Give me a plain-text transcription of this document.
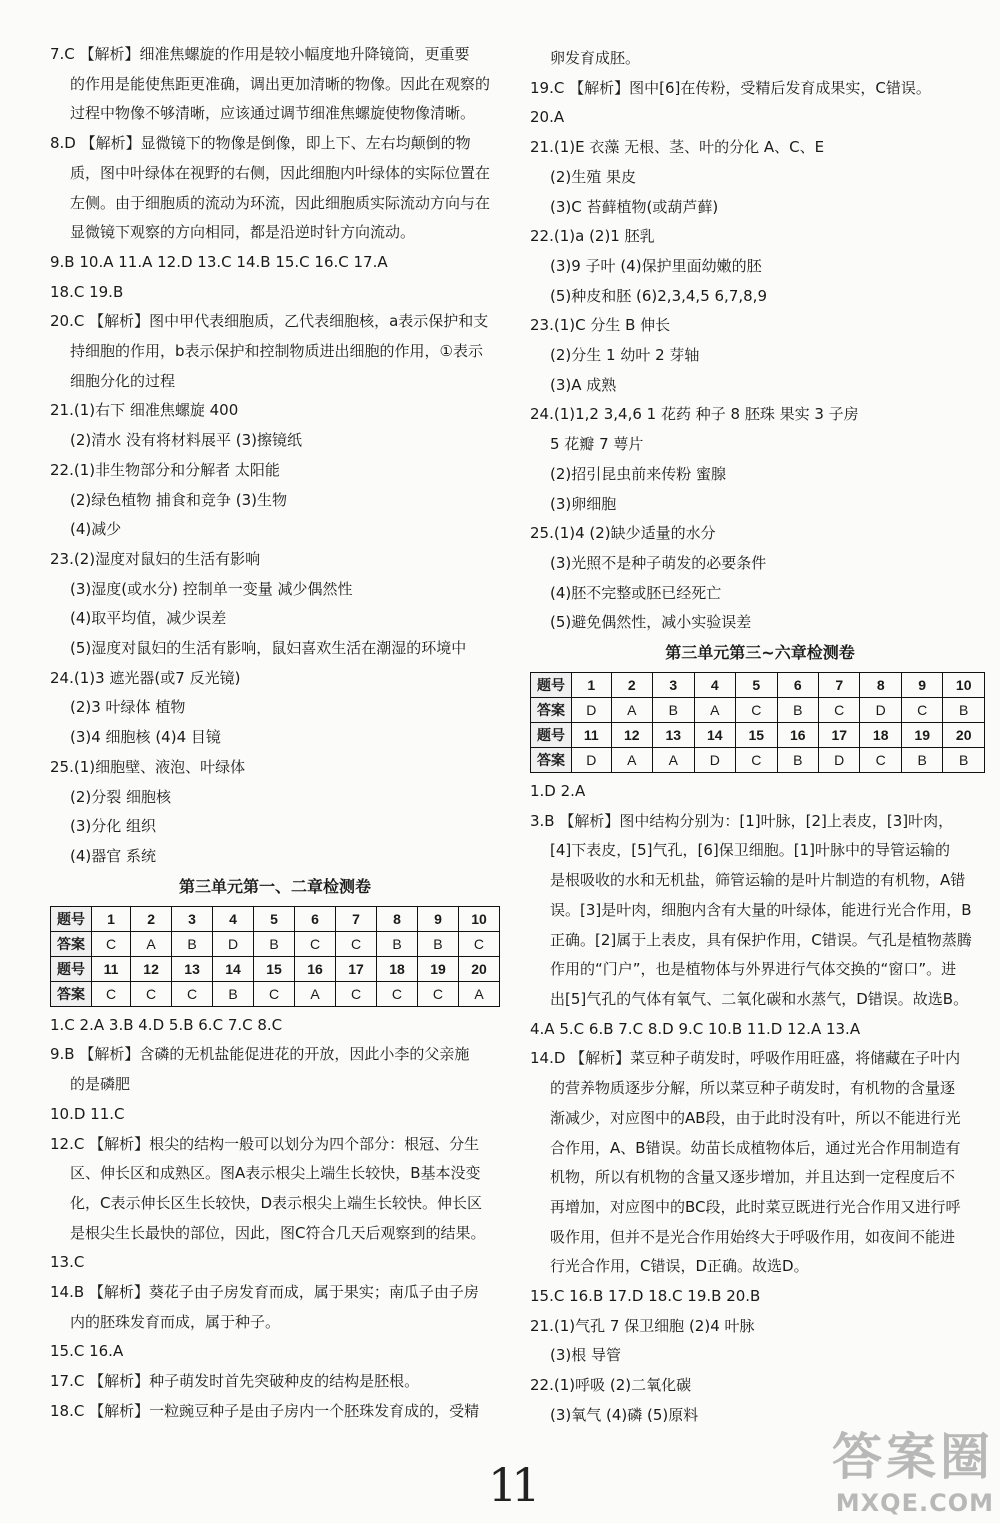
7.C 【解析】细准焦螺旋的作用是较小幅度地升降镜筒，更重要
的作用是能使焦距更准确，调出更加清晰的物像。因此在观察的
过程中物像不够清晰，应该通过调节细准焦螺旋使物像清晰。
8.D 【解析】显微镜下的物像是倒像，即上下、左右均颠倒的物
质，图中叶绿体在视野的右侧，因此细胞内叶绿体的实际位置在
左侧。由于细胞质的流动为环流，因此细胞质实际流动方向与在
显微镜下观察的方向相同，都是沿逆时针方向流动。
9.B 10.A 11.A 12.D 13.C 14.B 15.C 16.C 17.A
18.C 19.B
20.C 【解析】图中甲代表细胞质，乙代表细胞核，a表示保护和支
持细胞的作用，b表示保护和控制物质进出细胞的作用，①表示
细胞分化的过程
21.(1)右下 细准焦螺旋 400
(2)清水 没有将材料展平 (3)擦镜纸
22.(1)非生物部分和分解者 太阳能
(2)绿色植物 捕食和竞争 (3)生物
(4)减少
23.(2)湿度对鼠妇的生活有影响
(3)湿度(或水分) 控制单一变量 减少偶然性
(4)取平均值，减少误差
(5)湿度对鼠妇的生活有影响，鼠妇喜欢生活在潮湿的环境中
24.(1)3 遮光器(或7 反光镜)
(2)3 叶绿体 植物
(3)4 细胞核 (4)4 目镜
25.(1)细胞壁、液泡、叶绿体
(2)分裂 细胞核
(3)分化 组织
(4)器官 系统
第三单元第一、二章检测卷
题号	1	2	3	4	5	6	7	8	9	10
答案	C	A	B	D	B	C	C	B	B	C
题号	11	12	13	14	15	16	17	18	19	20
答案	C	C	C	B	C	A	C	C	C	A
1.C 2.A 3.B 4.D 5.B 6.C 7.C 8.C
9.B 【解析】含磷的无机盐能促进花的开放，因此小李的父亲施
的是磷肥
10.D 11.C
12.C 【解析】根尖的结构一般可以划分为四个部分：根冠、分生
区、伸长区和成熟区。图A表示根尖上端生长较快，B基本没变
化，C表示伸长区生长较快，D表示根尖上端生长较快。伸长区
是根尖生长最快的部位，因此，图C符合几天后观察到的结果。
13.C
14.B 【解析】葵花子由子房发育而成，属于果实；南瓜子由子房
内的胚珠发育而成，属于种子。
15.C 16.A
17.C 【解析】种子萌发时首先突破种皮的结构是胚根。
18.C 【解析】一粒豌豆种子是由子房内一个胚珠发育成的，受精
卵发育成胚。
19.C 【解析】图中[6]在传粉，受精后发育成果实，C错误。
20.A
21.(1)E 衣藻 无根、茎、叶的分化 A、C、E
(2)生殖 果皮
(3)C 苔藓植物(或葫芦藓)
22.(1)a (2)1 胚乳
(3)9 子叶 (4)保护里面幼嫩的胚
(5)种皮和胚 (6)2,3,4,5 6,7,8,9
23.(1)C 分生 B 伸长
(2)分生 1 幼叶 2 芽轴
(3)A 成熟
24.(1)1,2 3,4,6 1 花药 种子 8 胚珠 果实 3 子房
5 花瓣 7 萼片
(2)招引昆虫前来传粉 蜜腺
(3)卵细胞
25.(1)4 (2)缺少适量的水分
(3)光照不是种子萌发的必要条件
(4)胚不完整或胚已经死亡
(5)避免偶然性，减小实验误差
第三单元第三~六章检测卷
题号	1	2	3	4	5	6	7	8	9	10
答案	D	A	B	A	C	B	C	D	C	B
题号	11	12	13	14	15	16	17	18	19	20
答案	D	A	A	D	C	B	D	C	B	B
1.D 2.A
3.B 【解析】图中结构分别为：[1]叶脉，[2]上表皮，[3]叶肉，
[4]下表皮，[5]气孔，[6]保卫细胞。[1]叶脉中的导管运输的
是根吸收的水和无机盐，筛管运输的是叶片制造的有机物，A错
误。[3]是叶肉，细胞内含有大量的叶绿体，能进行光合作用，B
正确。[2]属于上表皮，具有保护作用，C错误。气孔是植物蒸腾
作用的“门户”，也是植物体与外界进行气体交换的“窗口”。进
出[5]气孔的气体有氧气、二氧化碳和水蒸气，D错误。故选B。
4.A 5.C 6.B 7.C 8.D 9.C 10.B 11.D 12.A 13.A
14.D 【解析】菜豆种子萌发时，呼吸作用旺盛，将储藏在子叶内
的营养物质逐步分解，所以菜豆种子萌发时，有机物的含量逐
渐减少，对应图中的AB段，由于此时没有叶，所以不能进行光
合作用，A、B错误。幼苗长成植物体后，通过光合作用制造有
机物，所以有机物的含量又逐步增加，并且达到一定程度后不
再增加，对应图中的BC段，此时菜豆既进行光合作用又进行呼
吸作用，但并不是光合作用始终大于呼吸作用，如夜间不能进
行光合作用，C错误，D正确。故选D。
15.C 16.B 17.D 18.C 19.B 20.B
21.(1)气孔 7 保卫细胞 (2)4 叶脉
(3)根 导管
22.(1)呼吸 (2)二氧化碳
(3)氧气 (4)磷 (5)原料
11	答案圈
MXQE.COM
